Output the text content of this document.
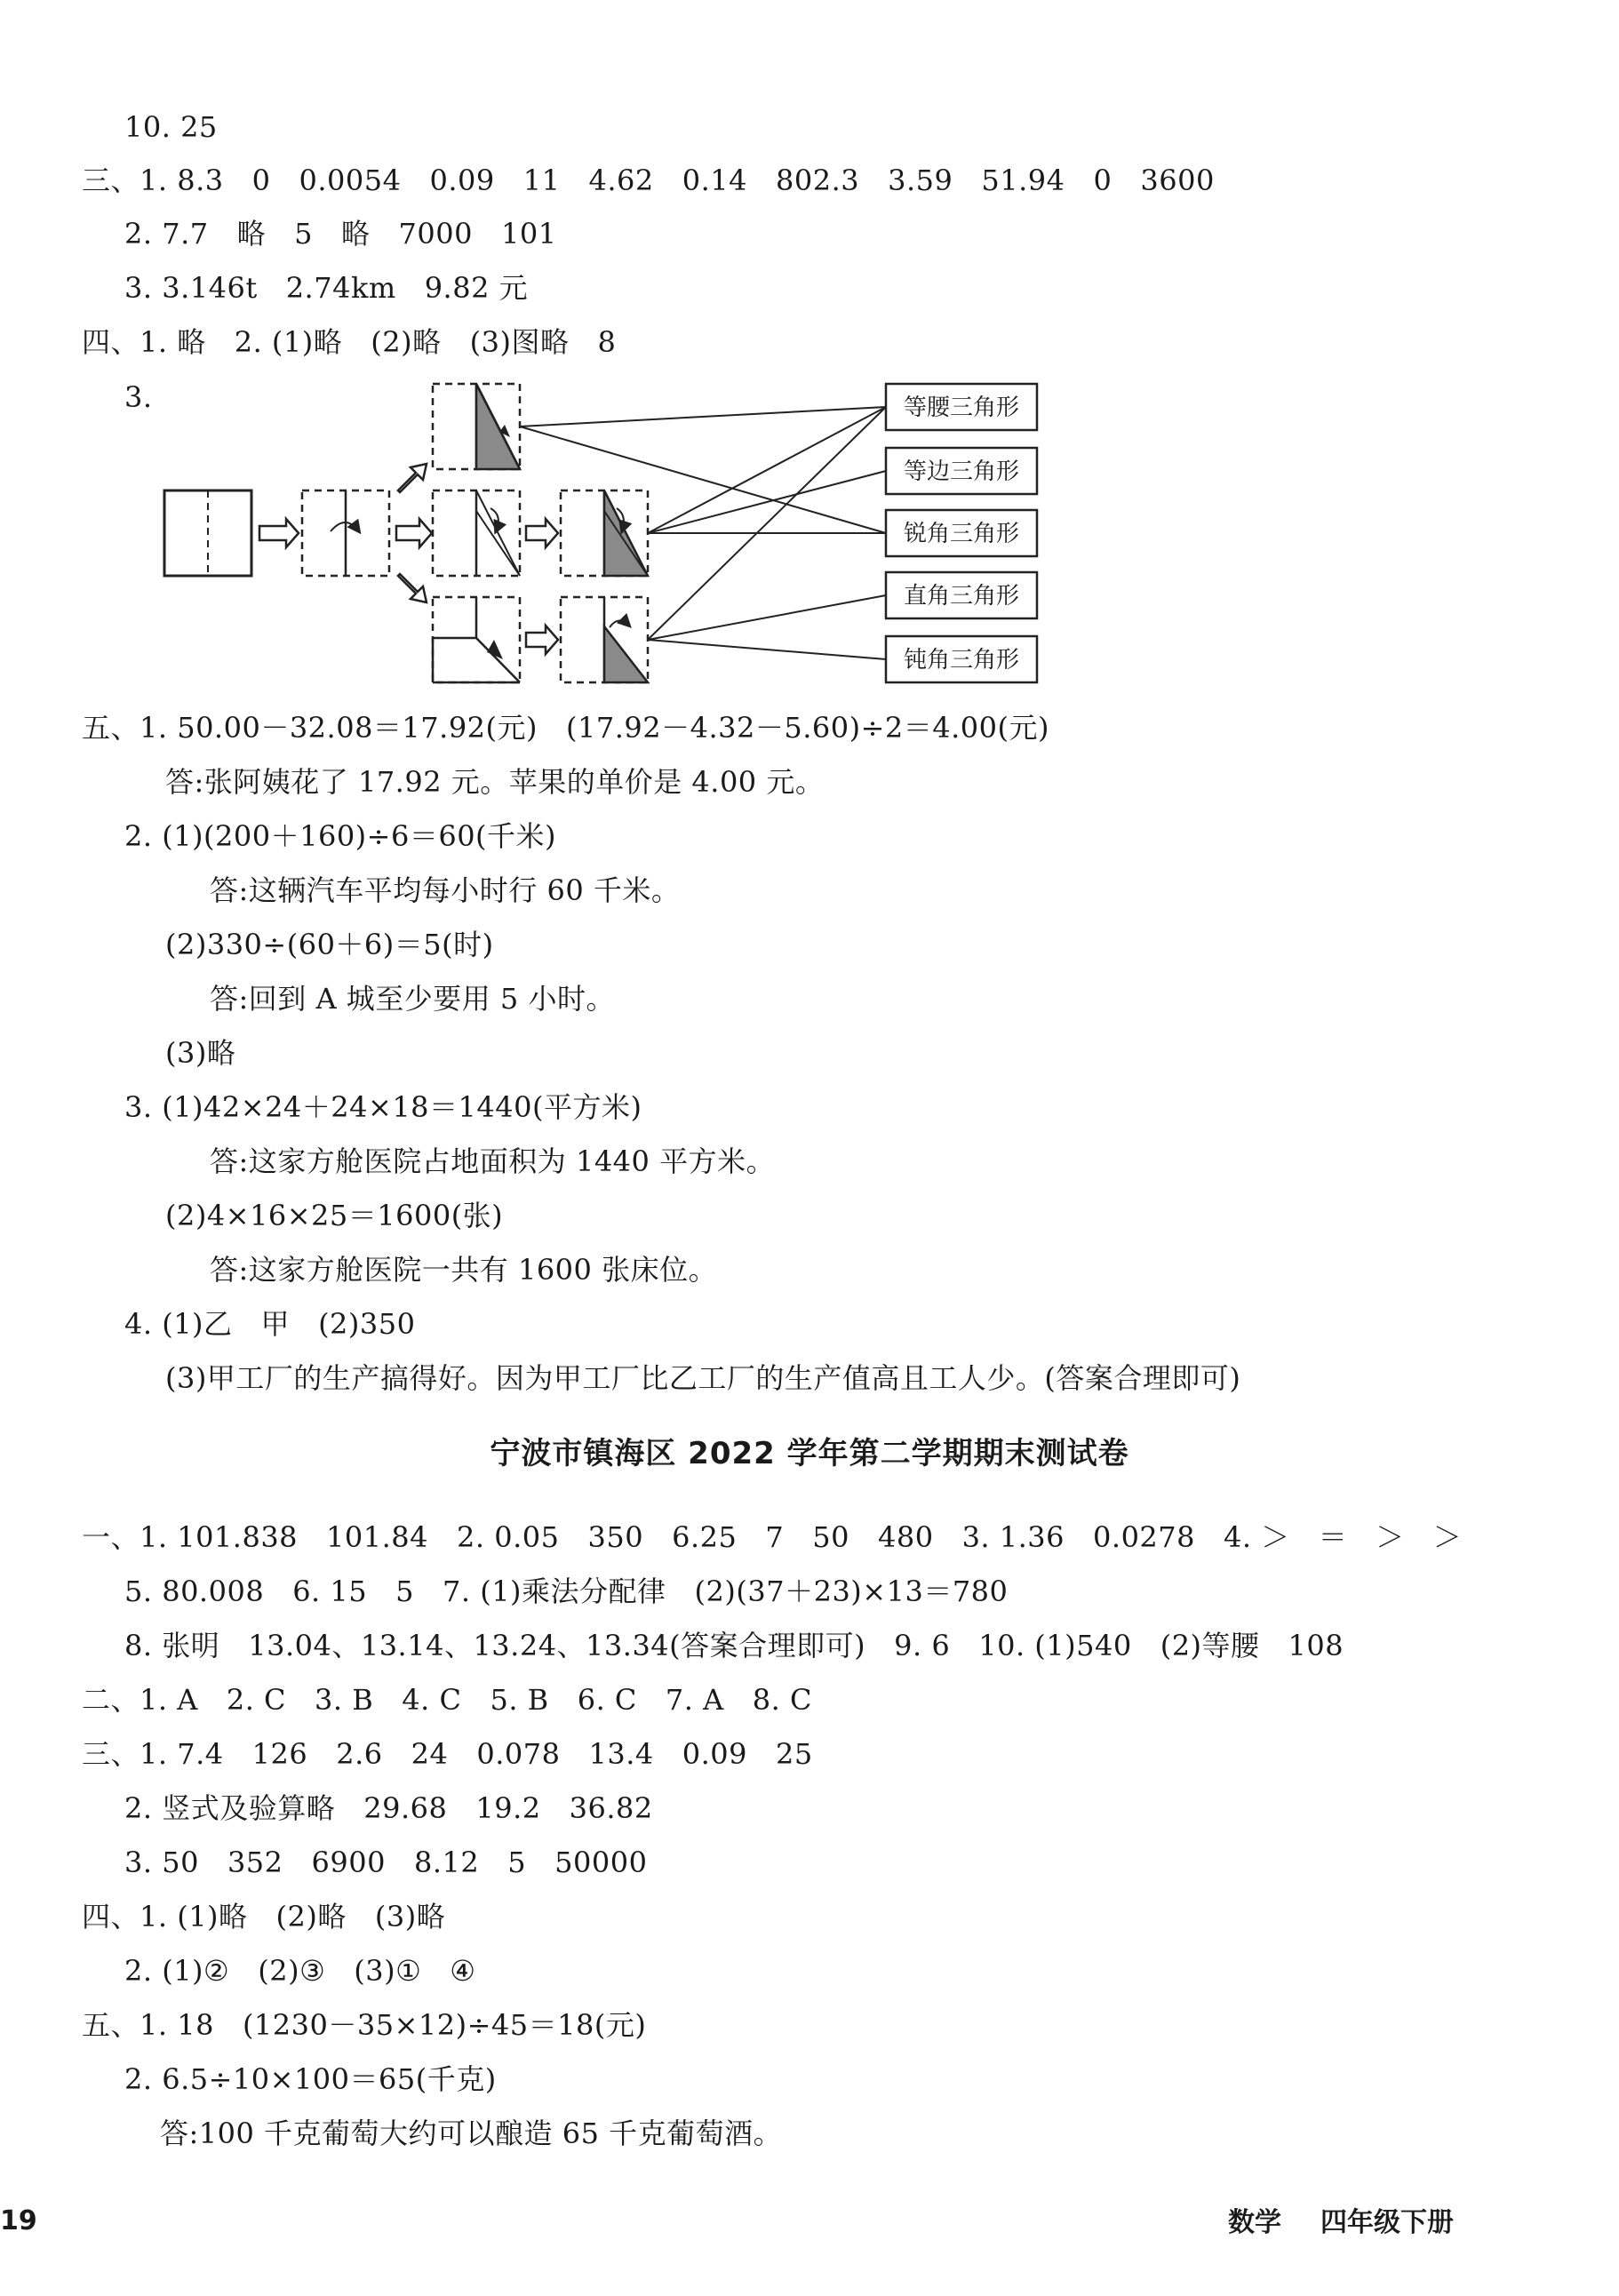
10. 25
三、1. 8.3   0   0.0054   0.09   11   4.62   0.14   802.3   3.59   51.94   0   3600
2. 7.7   略   5   略   7000   101
3. 3.146t   2.74km   9.82 元
四、1. 略   2. (1)略   (2)略   (3)图略   8
3.	等腰三角形
等边三角形
锐角三角形
直角三角形
钝角三角形
五、1. 50.00－32.08＝17.92(元)   (17.92－4.32－5.60)÷2＝4.00(元)
答:张阿姨花了 17.92 元。苹果的单价是 4.00 元。
2. (1)(200＋160)÷6＝60(千米)
答:这辆汽车平均每小时行 60 千米。
(2)330÷(60＋6)＝5(时)
答:回到 A 城至少要用 5 小时。
(3)略
3. (1)42×24＋24×18＝1440(平方米)
答:这家方舱医院占地面积为 1440 平方米。
(2)4×16×25＝1600(张)
答:这家方舱医院一共有 1600 张床位。
4. (1)乙   甲   (2)350
(3)甲工厂的生产搞得好。因为甲工厂比乙工厂的生产值高且工人少。(答案合理即可)
宁波市镇海区 2022 学年第二学期期末测试卷
一、1. 101.838   101.84   2. 0.05   350   6.25   7   50   480   3. 1.36   0.0278   4. ＞   ＝   ＞   ＞
5. 80.008   6. 15   5   7. (1)乘法分配律   (2)(37＋23)×13＝780
8. 张明   13.04、13.14、13.24、13.34(答案合理即可)   9. 6   10. (1)540   (2)等腰   108
二、1. A   2. C   3. B   4. C   5. B   6. C   7. A   8. C
三、1. 7.4   126   2.6   24   0.078   13.4   0.09   25
2. 竖式及验算略   29.68   19.2   36.82
3. 50   352   6900   8.12   5   50000
四、1. (1)略   (2)略   (3)略
2. (1)②   (2)③   (3)①   ④
五、1. 18   (1230－35×12)÷45＝18(元)
2. 6.5÷10×100＝65(千克)
答:100 千克葡萄大约可以酿造 65 千克葡萄酒。
19	数学 四年级下册
